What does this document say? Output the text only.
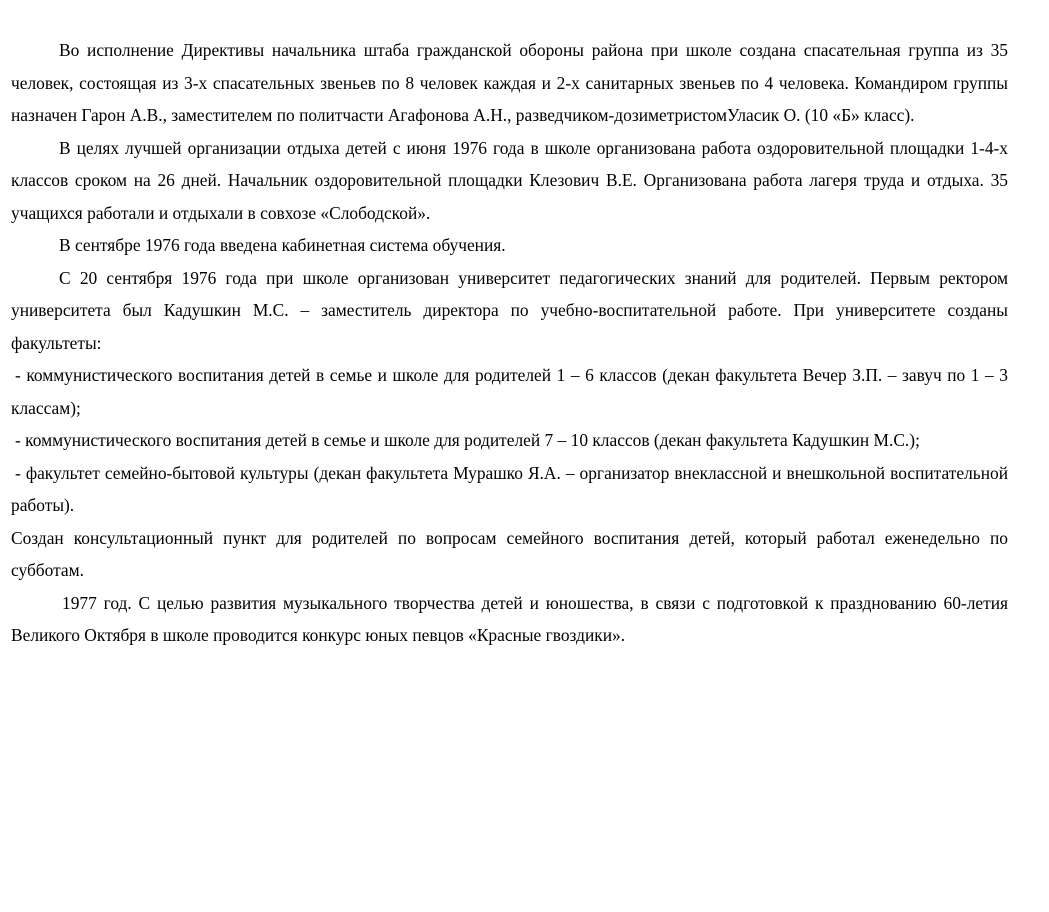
Во исполнение Директивы начальника штаба гражданской обороны района при школе создана спасательная группа из 35 человек, состоящая из 3-х спасательных звеньев по 8 человек каждая и 2-х санитарных звеньев по 4 человека. Командиром группы назначен Гарон А.В., заместителем по политчасти Агафонова А.Н., разведчиком-дозиметристомУласик О. (10 «Б» класс).

В целях лучшей организации отдыха детей с июня 1976 года в школе организована работа оздоровительной площадки 1-4-х классов сроком на 26 дней. Начальник оздоровительной площадки Клезович В.Е. Организована работа лагеря труда и отдыха. 35 учащихся работали и отдыхали в совхозе «Слободской».

В сентябре 1976 года введена кабинетная система обучения.

С 20 сентября 1976 года при школе организован университет педагогических знаний для родителей. Первым ректором университета был Кадушкин М.С. – заместитель директора по учебно-воспитательной работе. При университете созданы факультеты:

- коммунистического воспитания детей в семье и школе для родителей 1 – 6 классов (декан факультета Вечер З.П. – завуч по 1 – 3 классам);

- коммунистического воспитания детей в семье и школе для родителей 7 – 10 классов (декан факультета Кадушкин М.С.);

- факультет семейно-бытовой культуры (декан факультета Мурашко Я.А. – организатор внеклассной и внешкольной воспитательной работы).

Создан консультационный пункт для родителей по вопросам семейного воспитания детей, который работал еженедельно по субботам.

1977 год. С целью развития музыкального творчества детей и юношества, в связи с подготовкой к празднованию 60-летия Великого Октября в школе проводится конкурс юных певцов «Красные гвоздики».
